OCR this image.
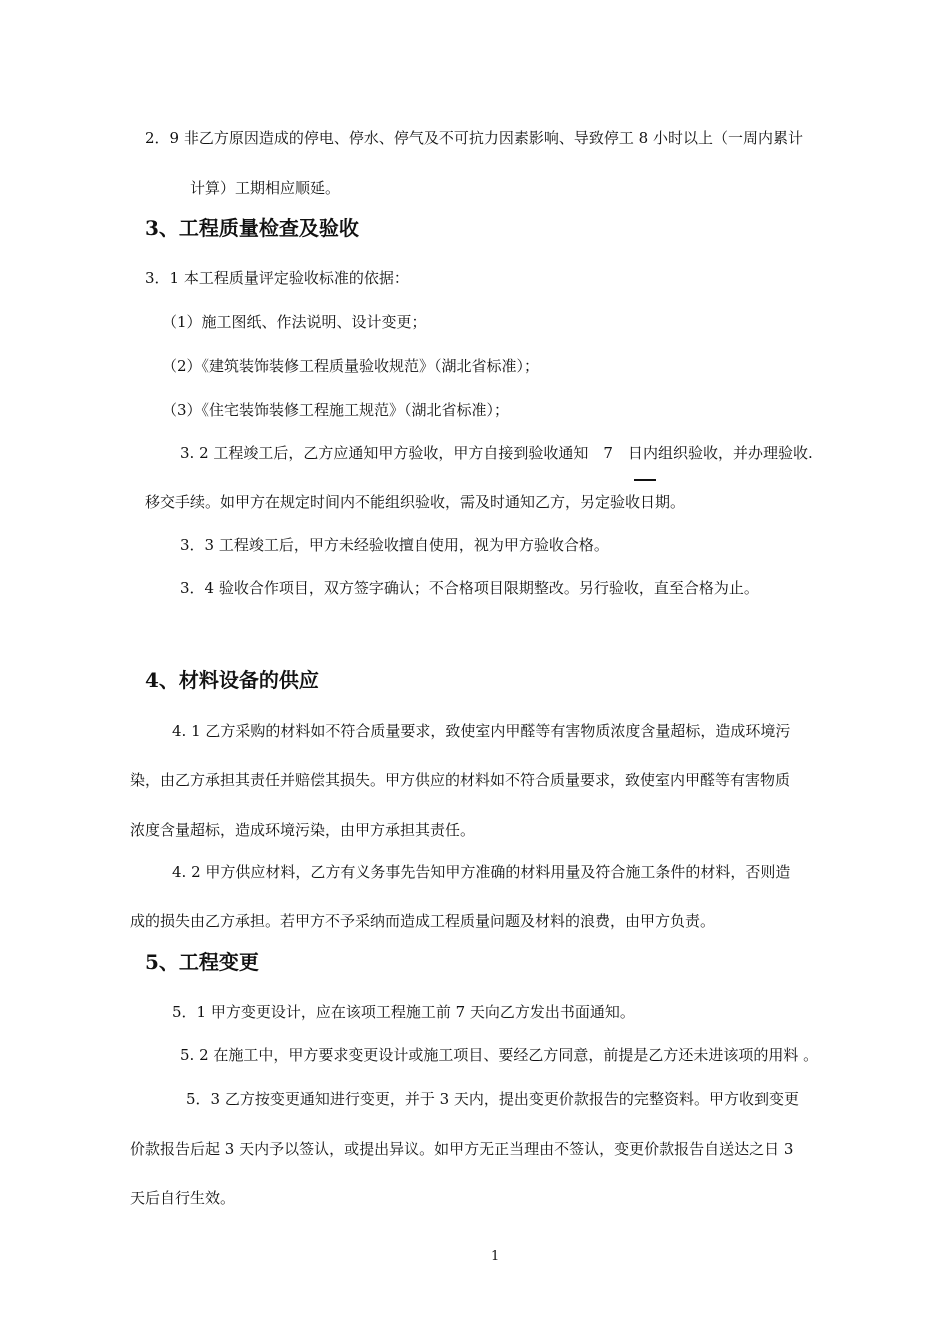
2．9 非乙方原因造成的停电、停水、停气及不可抗力因素影响、导致停工 8 小时以上（一周内累计

计算）工期相应顺延。

3、工程质量检查及验收

3．1 本工程质量评定验收标准的依据：

（1）施工图纸、作法说明、设计变更；

（2）《建筑装饰装修工程质量验收规范》（湖北省标准）；

（3）《住宅装饰装修工程施工规范》（湖北省标准）；

3. 2 工程竣工后，乙方应通知甲方验收，甲方自接到验收通知　7　日内组织验收，并办理验收.

移交手续。如甲方在规定时间内不能组织验收，需及时通知乙方，另定验收日期。

3．3 工程竣工后，甲方未经验收擅自使用，视为甲方验收合格。

3．4 验收合作项目，双方签字确认；不合格项目限期整改。另行验收，直至合格为止。

4、材料设备的供应

4. 1 乙方采购的材料如不符合质量要求，致使室内甲醛等有害物质浓度含量超标，造成环境污

染，由乙方承担其责任并赔偿其损失。甲方供应的材料如不符合质量要求，致使室内甲醛等有害物质

浓度含量超标，造成环境污染，由甲方承担其责任。

4. 2 甲方供应材料，乙方有义务事先告知甲方准确的材料用量及符合施工条件的材料，否则造

成的损失由乙方承担。若甲方不予采纳而造成工程质量问题及材料的浪费，由甲方负责。

5、工程变更

5．1 甲方变更设计，应在该项工程施工前 7 天向乙方发出书面通知。

5. 2 在施工中，甲方要求变更设计或施工项目、要经乙方同意，前提是乙方还未进该项的用料 。

5．3 乙方按变更通知进行变更，并于 3 天内，提出变更价款报告的完整资料。甲方收到变更

价款报告后起 3 天内予以签认，或提出异议。如甲方无正当理由不签认，变更价款报告自送达之日 3

天后自行生效。

1
